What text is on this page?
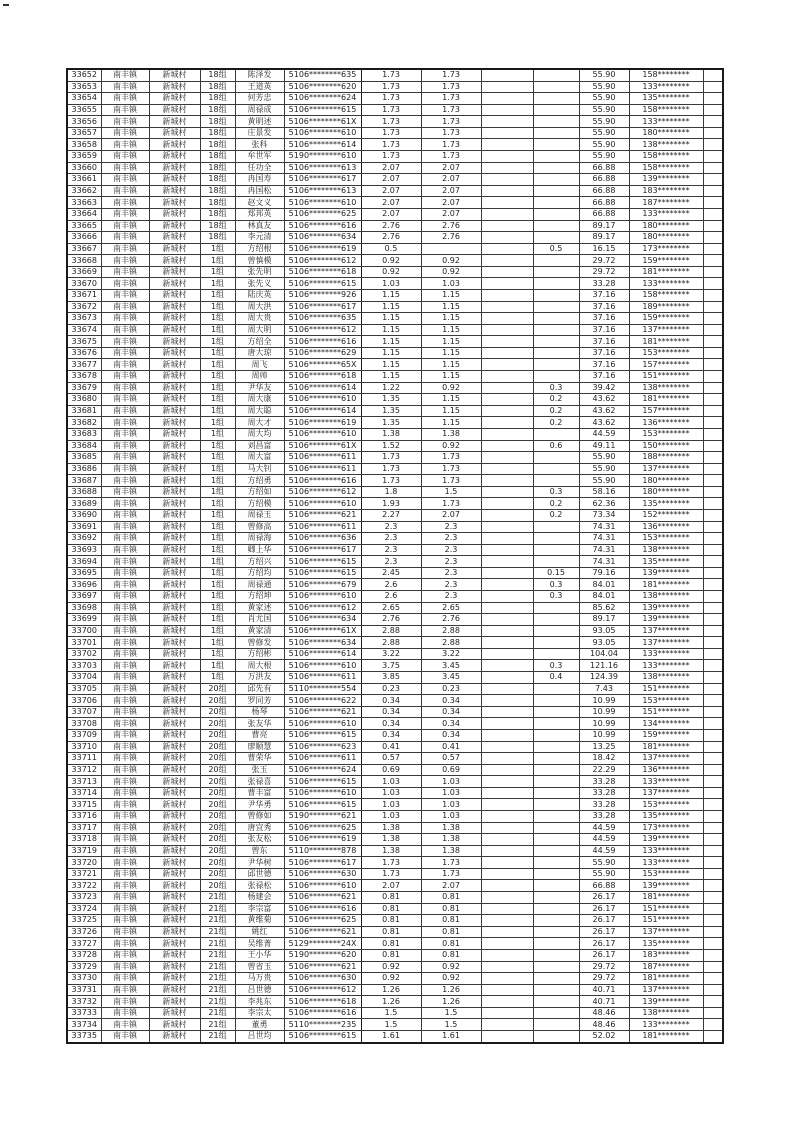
33652	南丰镇	新城村	18组	陈泽发	5106********635	1.73	1.73			55.90	158********	
33653	南丰镇	新城村	18组	王道英	5106********620	1.73	1.73			55.90	133********	
33654	南丰镇	新城村	18组	何芳忠	5106********624	1.73	1.73			55.90	135********	
33655	南丰镇	新城村	18组	周禄成	5106********615	1.73	1.73			55.90	158********	
33656	南丰镇	新城村	18组	黄明述	5106********61X	1.73	1.73			55.90	133********	
33657	南丰镇	新城村	18组	庄景发	5106********610	1.73	1.73			55.90	180********	
33658	南丰镇	新城村	18组	张科	5106********614	1.73	1.73			55.90	138********	
33659	南丰镇	新城村	18组	牟世军	5190********610	1.73	1.73			55.90	158********	
33660	南丰镇	新城村	18组	任功全	5106********613	2.07	2.07			66.88	158********	
33661	南丰镇	新城村	18组	冉国寿	5106********617	2.07	2.07			66.88	139********	
33662	南丰镇	新城村	18组	冉国松	5106********613	2.07	2.07			66.88	183********	
33663	南丰镇	新城村	18组	赵文义	5106********610	2.07	2.07			66.88	187********	
33664	南丰镇	新城村	18组	郑邦英	5106********625	2.07	2.07			66.88	133********	
33665	南丰镇	新城村	18组	林真友	5106********616	2.76	2.76			89.17	180********	
33666	南丰镇	新城村	18组	李元清	5106********634	2.76	2.76			89.17	180********	
33667	南丰镇	新城村	1组	方绍根	5106********619	0.5			0.5	16.15	173********	
33668	南丰镇	新城村	1组	曾慎模	5106********612	0.92	0.92			29.72	159********	
33669	南丰镇	新城村	1组	张先明	5106********618	0.92	0.92			29.72	181********	
33670	南丰镇	新城村	1组	张先义	5106********615	1.03	1.03			33.28	133********	
33671	南丰镇	新城村	1组	陆庆英	5106********926	1.15	1.15			37.16	158********	
33672	南丰镇	新城村	1组	周大洪	5106********617	1.15	1.15			37.16	189********	
33673	南丰镇	新城村	1组	周大贵	5106********635	1.15	1.15			37.16	159********	
33674	南丰镇	新城村	1组	周大明	5106********612	1.15	1.15			37.16	137********	
33675	南丰镇	新城村	1组	方绍全	5106********616	1.15	1.15			37.16	181********	
33676	南丰镇	新城村	1组	唐大琼	5106********629	1.15	1.15			37.16	153********	
33677	南丰镇	新城村	1组	周飞	5106********65X	1.15	1.15			37.16	157********	
33678	南丰镇	新城村	1组	周帅	5106********618	1.15	1.15			37.16	151********	
33679	南丰镇	新城村	1组	尹华友	5106********614	1.22	0.92		0.3	39.42	138********	
33680	南丰镇	新城村	1组	周大康	5106********610	1.35	1.15		0.2	43.62	181********	
33681	南丰镇	新城村	1组	周大聪	5106********614	1.35	1.15		0.2	43.62	157********	
33682	南丰镇	新城村	1组	周大才	5106********619	1.35	1.15		0.2	43.62	136********	
33683	南丰镇	新城村	1组	周大均	5106********610	1.38	1.38			44.59	153********	
33684	南丰镇	新城村	1组	刘昌富	5106********61X	1.52	0.92		0.6	49.11	150********	
33685	南丰镇	新城村	1组	周大富	5106********611	1.73	1.73			55.90	188********	
33686	南丰镇	新城村	1组	马大钊	5106********611	1.73	1.73			55.90	137********	
33687	南丰镇	新城村	1组	方绍勇	5106********616	1.73	1.73			55.90	180********	
33688	南丰镇	新城村	1组	方绍如	5106********612	1.8	1.5		0.3	58.16	180********	
33689	南丰镇	新城村	1组	方绍模	5106********610	1.93	1.73		0.2	62.36	135********	
33690	南丰镇	新城村	1组	周禄玉	5106********621	2.27	2.07		0.2	73.34	152********	
33691	南丰镇	新城村	1组	曾修高	5106********611	2.3	2.3			74.31	136********	
33692	南丰镇	新城村	1组	周禄海	5106********636	2.3	2.3			74.31	153********	
33693	南丰镇	新城村	1组	卿上华	5106********617	2.3	2.3			74.31	138********	
33694	南丰镇	新城村	1组	方绍兴	5106********615	2.3	2.3			74.31	135********	
33695	南丰镇	新城村	1组	方绍均	5106********615	2.45	2.3		0.15	79.16	139********	
33696	南丰镇	新城村	1组	周禄通	5106********679	2.6	2.3		0.3	84.01	181********	
33697	南丰镇	新城村	1组	方绍坤	5106********610	2.6	2.3		0.3	84.01	138********	
33698	南丰镇	新城村	1组	黄家述	5106********612	2.65	2.65			85.62	139********	
33699	南丰镇	新城村	1组	肖尤国	5106********634	2.76	2.76			89.17	139********	
33700	南丰镇	新城村	1组	黄家清	5106********61X	2.88	2.88			93.05	137********	
33701	南丰镇	新城村	1组	曾修发	5106********634	2.88	2.88			93.05	137********	
33702	南丰镇	新城村	1组	方绍彬	5106********614	3.22	3.22			104.04	133********	
33703	南丰镇	新城村	1组	周大根	5106********610	3.75	3.45		0.3	121.16	133********	
33704	南丰镇	新城村	1组	万洪友	5106********611	3.85	3.45		0.4	124.39	138********	
33705	南丰镇	新城村	20组	邱先有	5110********554	0.23	0.23			7.43	151********	
33706	南丰镇	新城村	20组	罗同芳	5106********622	0.34	0.34			10.99	153********	
33707	南丰镇	新城村	20组	杨琴	5106********621	0.34	0.34			10.99	151********	
33708	南丰镇	新城村	20组	张友华	5106********610	0.34	0.34			10.99	134********	
33709	南丰镇	新城村	20组	曹亮	5106********615	0.34	0.34			10.99	159********	
33710	南丰镇	新城村	20组	廖顺慧	5106********623	0.41	0.41			13.25	181********	
33711	南丰镇	新城村	20组	曹荣华	5106********611	0.57	0.57			18.42	137********	
33712	南丰镇	新城村	20组	张玉	5106********624	0.69	0.69			22.29	136********	
33713	南丰镇	新城村	20组	张禄喜	5106********615	1.03	1.03			33.28	133********	
33714	南丰镇	新城村	20组	曹丰富	5106********610	1.03	1.03			33.28	137********	
33715	南丰镇	新城村	20组	尹华勇	5106********615	1.03	1.03			33.28	153********	
33716	南丰镇	新城村	20组	曾修如	5190********621	1.03	1.03			33.28	135********	
33717	南丰镇	新城村	20组	唐宜秀	5106********625	1.38	1.38			44.59	173********	
33718	南丰镇	新城村	20组	张友松	5106********619	1.38	1.38			44.59	139********	
33719	南丰镇	新城村	20组	曾东	5110********878	1.38	1.38			44.59	133********	
33720	南丰镇	新城村	20组	尹华树	5106********617	1.73	1.73			55.90	133********	
33721	南丰镇	新城村	20组	邱世德	5106********630	1.73	1.73			55.90	153********	
33722	南丰镇	新城村	20组	张禄松	5106********610	2.07	2.07			66.88	139********	
33723	南丰镇	新城村	21组	杨建会	5106********621	0.81	0.81			26.17	181********	
33724	南丰镇	新城村	21组	李宗富	5106********616	0.81	0.81			26.17	151********	
33725	南丰镇	新城村	21组	黄维菊	5106********625	0.81	0.81			26.17	151********	
33726	南丰镇	新城村	21组	姚红	5106********621	0.81	0.81			26.17	137********	
33727	南丰镇	新城村	21组	吴维菁	5129********24X	0.81	0.81			26.17	135********	
33728	南丰镇	新城村	21组	王小华	5190********620	0.81	0.81			26.17	183********	
33729	南丰镇	新城村	21组	曾省玉	5106********621	0.92	0.92			29.72	187********	
33730	南丰镇	新城村	21组	马万贵	5106********630	0.92	0.92			29.72	181********	
33731	南丰镇	新城村	21组	吕世德	5106********612	1.26	1.26			40.71	137********	
33732	南丰镇	新城村	21组	李兆东	5106********618	1.26	1.26			40.71	139********	
33733	南丰镇	新城村	21组	李宗太	5106********616	1.5	1.5			48.46	138********	
33734	南丰镇	新城村	21组	董勇	5110********235	1.5	1.5			48.46	133********	
33735	南丰镇	新城村	21组	吕世均	5106********615	1.61	1.61			52.02	181********	
